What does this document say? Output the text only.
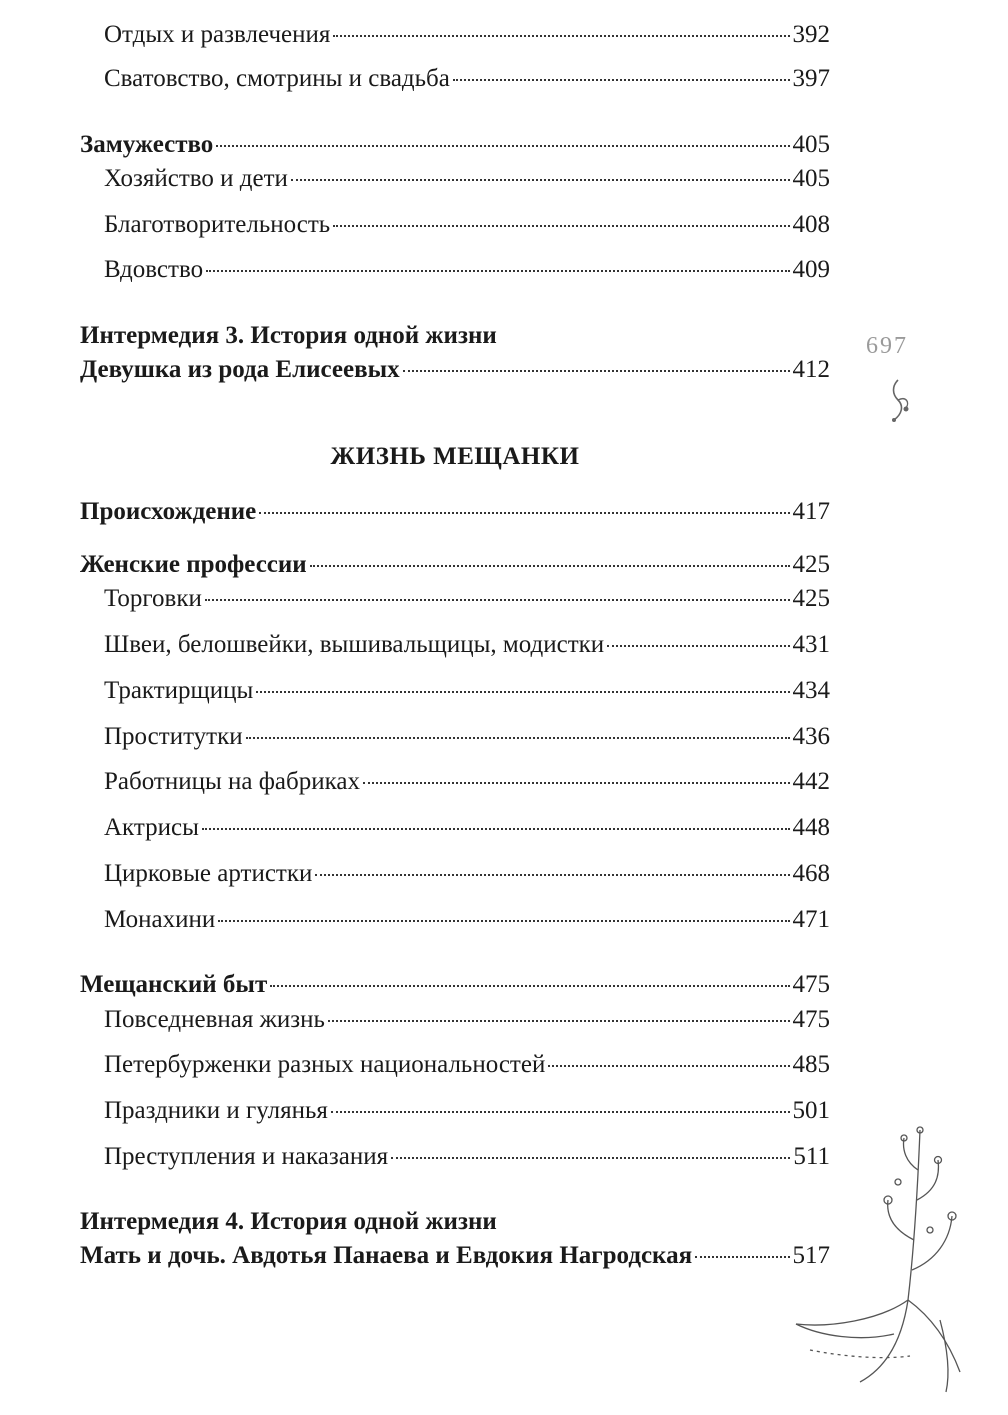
Отдых и развлечения	392
Сватовство, смотрины и свадьба	397
Замужество	405
Хозяйство и дети	405
Благотворительность	408
Вдовство	409
Интермедия 3. История одной жизни
Девушка из рода Елисеевых	412
ЖИЗНЬ МЕЩАНКИ
Происхождение	417
Женские профессии	425
Торговки	425
Швеи, белошвейки, вышивальщицы, модистки	431
Трактирщицы	434
Проститутки	436
Работницы на фабриках	442
Актрисы	448
Цирковые артистки	468
Монахини	471
Мещанский быт	475
Повседневная жизнь	475
Петербурженки разных национальностей	485
Праздники и гулянья	501
Преступления и наказания	511
Интермедия 4. История одной жизни
Мать и дочь. Авдотья Панаева и Евдокия Нагродская	517
697
